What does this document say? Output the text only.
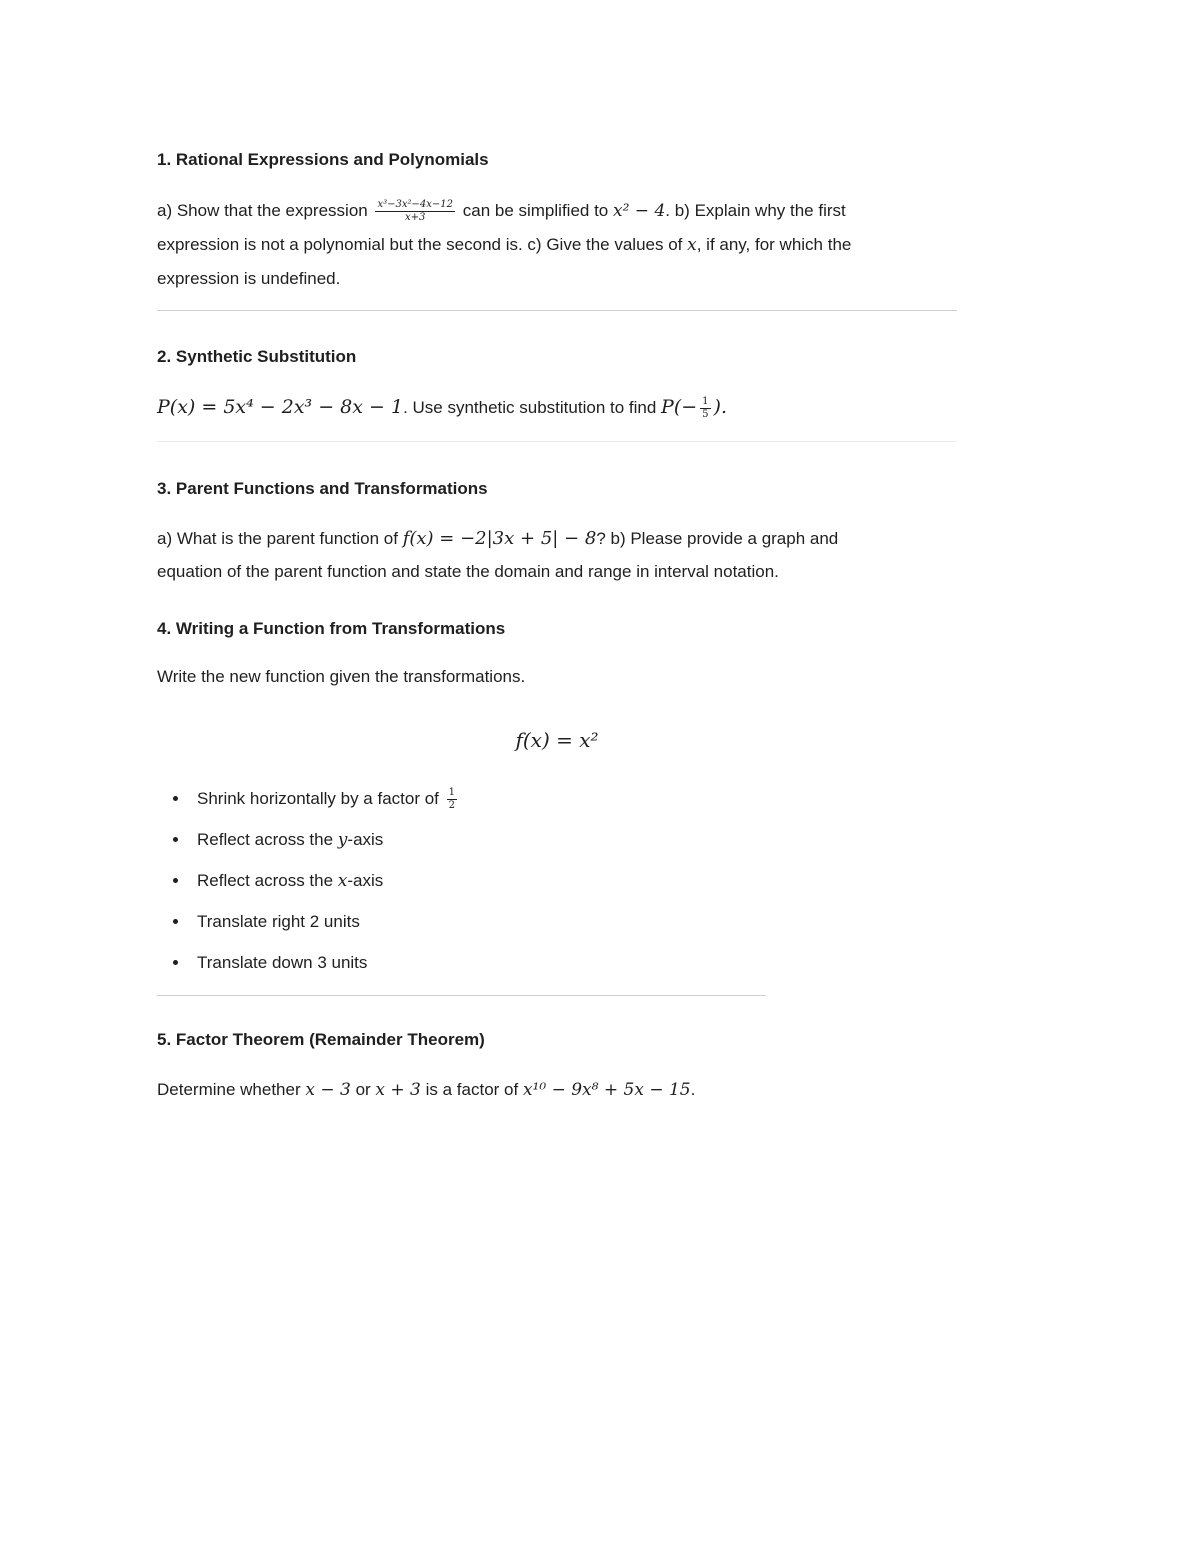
1. Rational Expressions and Polynomials
a) Show that the expression $\frac{\text{x³−3x²−4x−12}}{x+3}$ can be simplified to x² − 4. b) Explain why the first
expression is not a polynomial but the second is. c) Give the values of x, if any, for which the
expression is undefined.
2. Synthetic Substitution
P(x) = 5x⁴ − 2x³ − 8x − 1. Use synthetic substitution to find $P(- \frac{1}{5}$ ).
3. Parent Functions and Transformations
a) What is the parent function of f(x) = −2|3x + 5| − 8? b) Please provide a graph and
equation of the parent function and state the domain and range in interval notation.
4. Writing a Function from Transformations
Write the new function given the transformations.
f(x) = x²
Shrink horizontally by a factor of $\frac{1}{2}$
Reflect across the y-axis
Reflect across the x-axis
Translate right 2 units
Translate down 3 units
5. Factor Theorem (Remainder Theorem)
Determine whether x − 3 or x + 3 is a factor of x¹⁰ − 9x⁸ + 5x − 15.
